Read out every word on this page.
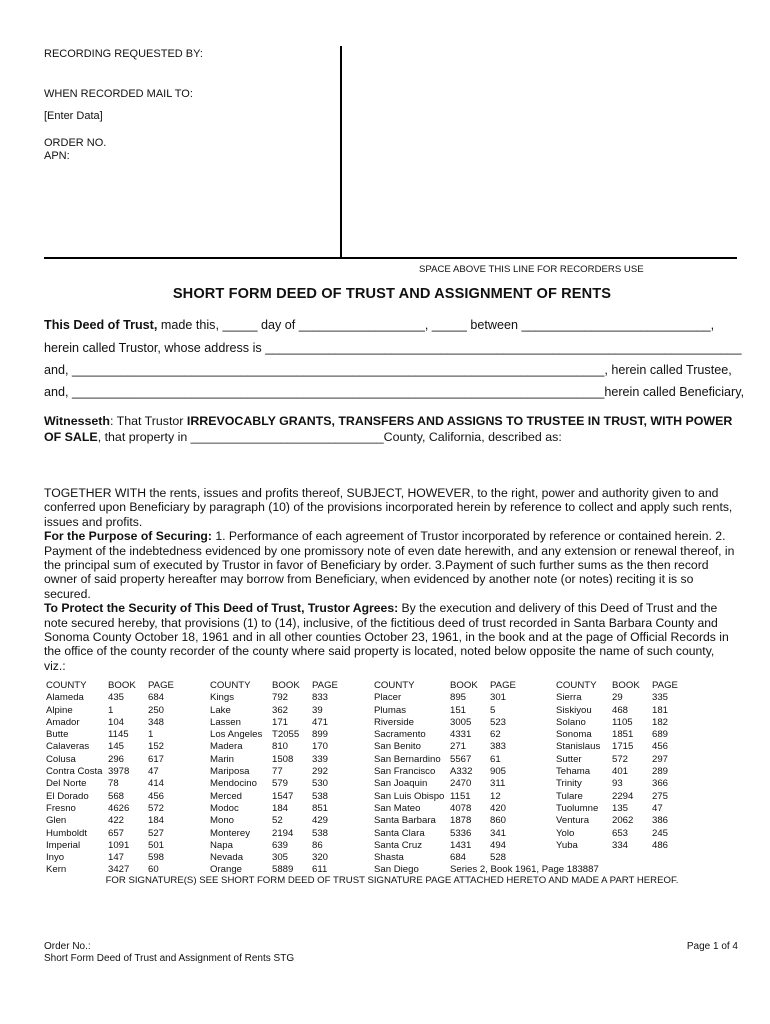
RECORDING REQUESTED BY:
WHEN RECORDED MAIL TO:
[Enter Data]
ORDER NO.
APN:
SPACE ABOVE THIS LINE FOR RECORDERS USE
SHORT FORM DEED OF TRUST AND ASSIGNMENT OF RENTS
This Deed of Trust, made this, _____ day of __________________, _____ between ___________________________,
herein called Trustor, whose address is ____________________________________________________________________
and, ____________________________________________________________________________, herein called Trustee,
and, ____________________________________________________________________________herein called Beneficiary,
Witnesseth: That Trustor IRREVOCABLY GRANTS, TRANSFERS AND ASSIGNS TO TRUSTEE IN TRUST, WITH POWER OF SALE, that property in ____________________________County, California, described as:
TOGETHER WITH the rents, issues and profits thereof, SUBJECT, HOWEVER, to the right, power and authority given to and conferred upon Beneficiary by paragraph (10) of the provisions incorporated herein by reference to collect and apply such rents, issues and profits.
For the Purpose of Securing: 1. Performance of each agreement of Trustor incorporated by reference or contained herein. 2. Payment of the indebtedness evidenced by one promissory note of even date herewith, and any extension or renewal thereof, in the principal sum of executed by Trustor in favor of Beneficiary by order. 3.Payment of such further sums as the then record owner of said property hereafter may borrow from Beneficiary, when evidenced by another note (or notes) reciting it is so secured.
To Protect the Security of This Deed of Trust, Trustor Agrees: By the execution and delivery of this Deed of Trust and the note secured hereby, that provisions (1) to (14), inclusive, of the fictitious deed of trust recorded in Santa Barbara County and Sonoma County October 18, 1961 and in all other counties October 23, 1961, in the book and at the page of Official Records in the office of the county recorder of the county where said property is located, noted below opposite the name of such county, viz.:
COUNTY	BOOK	PAGE
Alameda	435	684
Alpine	1	250
Amador	104	348
Butte	1145	1
Calaveras	145	152
Colusa	296	617
Contra Costa	3978	47
Del Norte	78	414
El Dorado	568	456
Fresno	4626	572
Glen	422	184
Humboldt	657	527
Imperial	1091	501
Inyo	147	598
Kern	3427	60
COUNTY	BOOK	PAGE
Kings	792	833
Lake	362	39
Lassen	171	471
Los Angeles	T2055	899
Madera	810	170
Marin	1508	339
Mariposa	77	292
Mendocino	579	530
Merced	1547	538
Modoc	184	851
Mono	52	429
Monterey	2194	538
Napa	639	86
Nevada	305	320
Orange	5889	611
COUNTY	BOOK	PAGE	
Placer	895	301	
Plumas	151	5	
Riverside	3005	523	
Sacramento	4331	62	
San Benito	271	383	
San Bernardino	5567	61	
San Francisco	A332	905	
San Joaquin	2470	311	
San Luis Obispo	1151	12	
San Mateo	4078	420	
Santa Barbara	1878	860	
Santa Clara	5336	341	
Santa Cruz	1431	494	
Shasta	684	528	
San Diego	Series 2, Book 1961, Page 183887		
COUNTY	BOOK	PAGE
Sierra	29	335
Siskiyou	468	181
Solano	1105	182
Sonoma	1851	689
Stanislaus	1715	456
Sutter	572	297
Tehama	401	289
Trinity	93	366
Tulare	2294	275
Tuolumne	135	47
Ventura	2062	386
Yolo	653	245
Yuba	334	486
FOR SIGNATURE(S) SEE SHORT FORM DEED OF TRUST SIGNATURE PAGE ATTACHED HERETO AND MADE A PART HEREOF.
Order No.:
Short Form Deed of Trust and Assignment of Rents STG
Page 1 of 4
